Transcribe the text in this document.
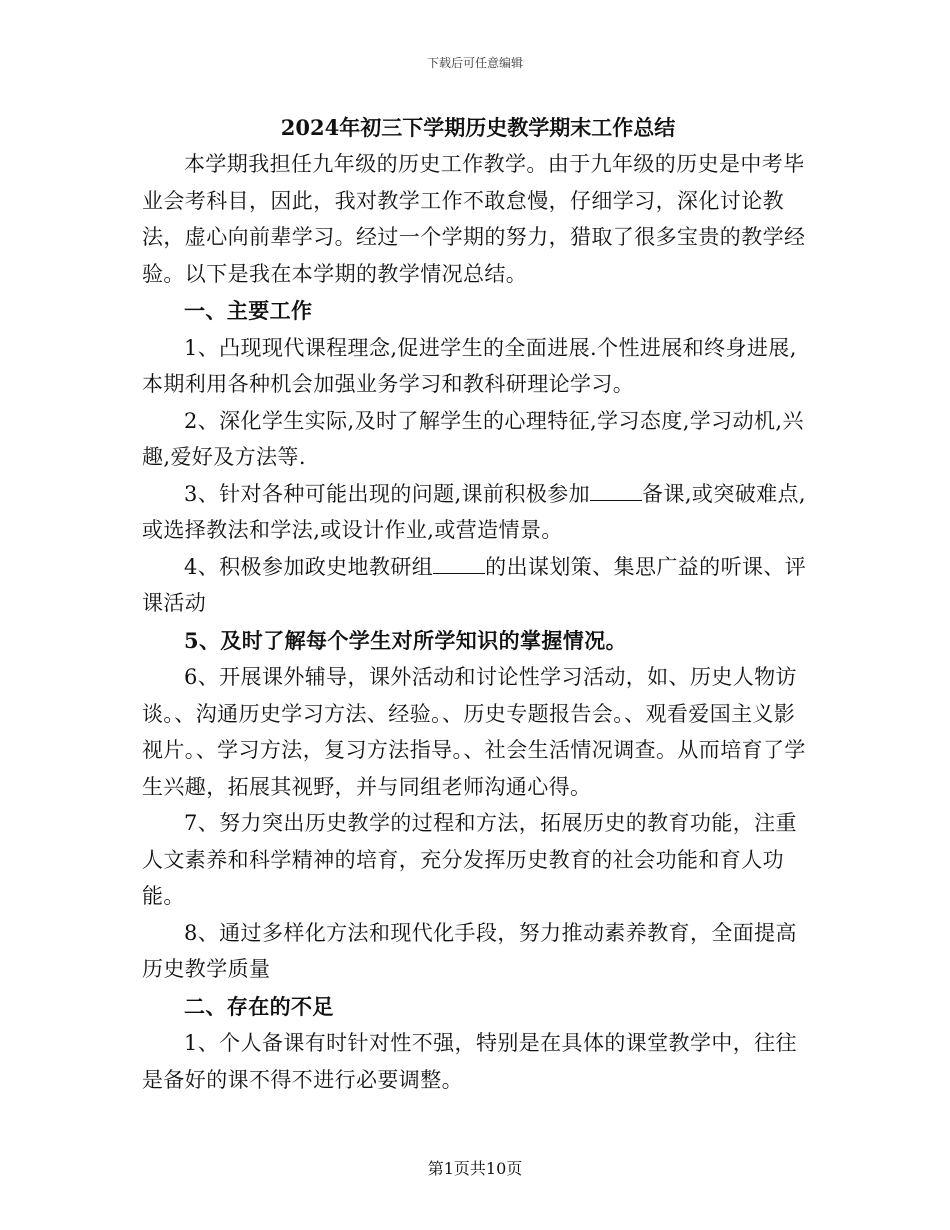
下载后可任意编辑
2024年初三下学期历史教学期末工作总结

本学期我担任九年级的历史工作教学。由于九年级的历史是中考毕业会考科目，因此，我对教学工作不敢怠慢，仔细学习，深化讨论教法，虚心向前辈学习。经过一个学期的努力，猎取了很多宝贵的教学经验。以下是我在本学期的教学情况总结。

一、主要工作

1、凸现现代课程理念,促进学生的全面进展.个性进展和终身进展,本期利用各种机会加强业务学习和教科研理论学习。

2、深化学生实际,及时了解学生的心理特征,学习态度,学习动机,兴趣,爱好及方法等.

3、针对各种可能出现的问题,课前积极参加 备课,或突破难点,或选择教法和学法,或设计作业,或营造情景。

4、积极参加政史地教研组 的出谋划策、集思广益的听课、评课活动

5、及时了解每个学生对所学知识的掌握情况。

6、开展课外辅导，课外活动和讨论性学习活动，如、历史人物访谈。、沟通历史学习方法、经验。、历史专题报告会。、观看爱国主义影视片。、学习方法，复习方法指导。、社会生活情况调查。从而培育了学生兴趣，拓展其视野，并与同组老师沟通心得。

7、努力突出历史教学的过程和方法，拓展历史的教育功能，注重人文素养和科学精神的培育，充分发挥历史教育的社会功能和育人功能。

8、通过多样化方法和现代化手段，努力推动素养教育，全面提高历史教学质量

二、存在的不足

1、个人备课有时针对性不强，特别是在具体的课堂教学中，往往是备好的课不得不进行必要调整。

第1页共10页
